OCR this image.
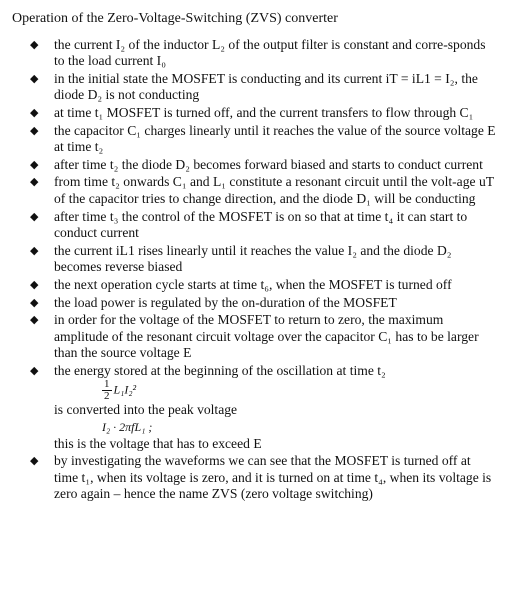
Operation of the Zero-Voltage-Switching (ZVS) converter
◆ the current I₂ of the inductor L₂ of the output filter is constant and corre-sponds to the load current I₀
◆ in the initial state the MOSFET is conducting and its current iT = iL1 = I₂, the diode D₂ is not conducting
◆ at time t₁ MOSFET is turned off, and the current transfers to flow through C₁
◆ the capacitor C₁ charges linearly until it reaches the value of the source voltage E at time t₂
◆ after time t₂ the diode D₂ becomes forward biased and starts to conduct current
◆ from time t₂ onwards C₁ and L₁ constitute a resonant circuit until the volt-age uT of the capacitor tries to change direction, and the diode D₁ will be conducting
◆ after time t₃ the control of the MOSFET is on so that at time t₄ it can start to conduct current
◆ the current iL1 rises linearly until it reaches the value I₂ and the diode D₂ becomes reverse biased
◆ the next operation cycle starts at time t₆, when the MOSFET is turned off
◆ the load power is regulated by the on-duration of the MOSFET
◆ in order for the voltage of the MOSFET to return to zero, the maximum amplitude of the resonant circuit voltage over the capacitor C₁ has to be larger than the source voltage E
◆ the energy stored at the beginning of the oscillation at time t₂
$\frac{1}{2} L_1I_2^2$
is converted into the peak voltage
I₂ · 2πfL₁ ;
this is the voltage that has to exceed E
◆ by investigating the waveforms we can see that the MOSFET is turned off at time t₁, when its voltage is zero, and it is turned on at time t₄, when its voltage is zero again – hence the name ZVS (zero voltage switching)
